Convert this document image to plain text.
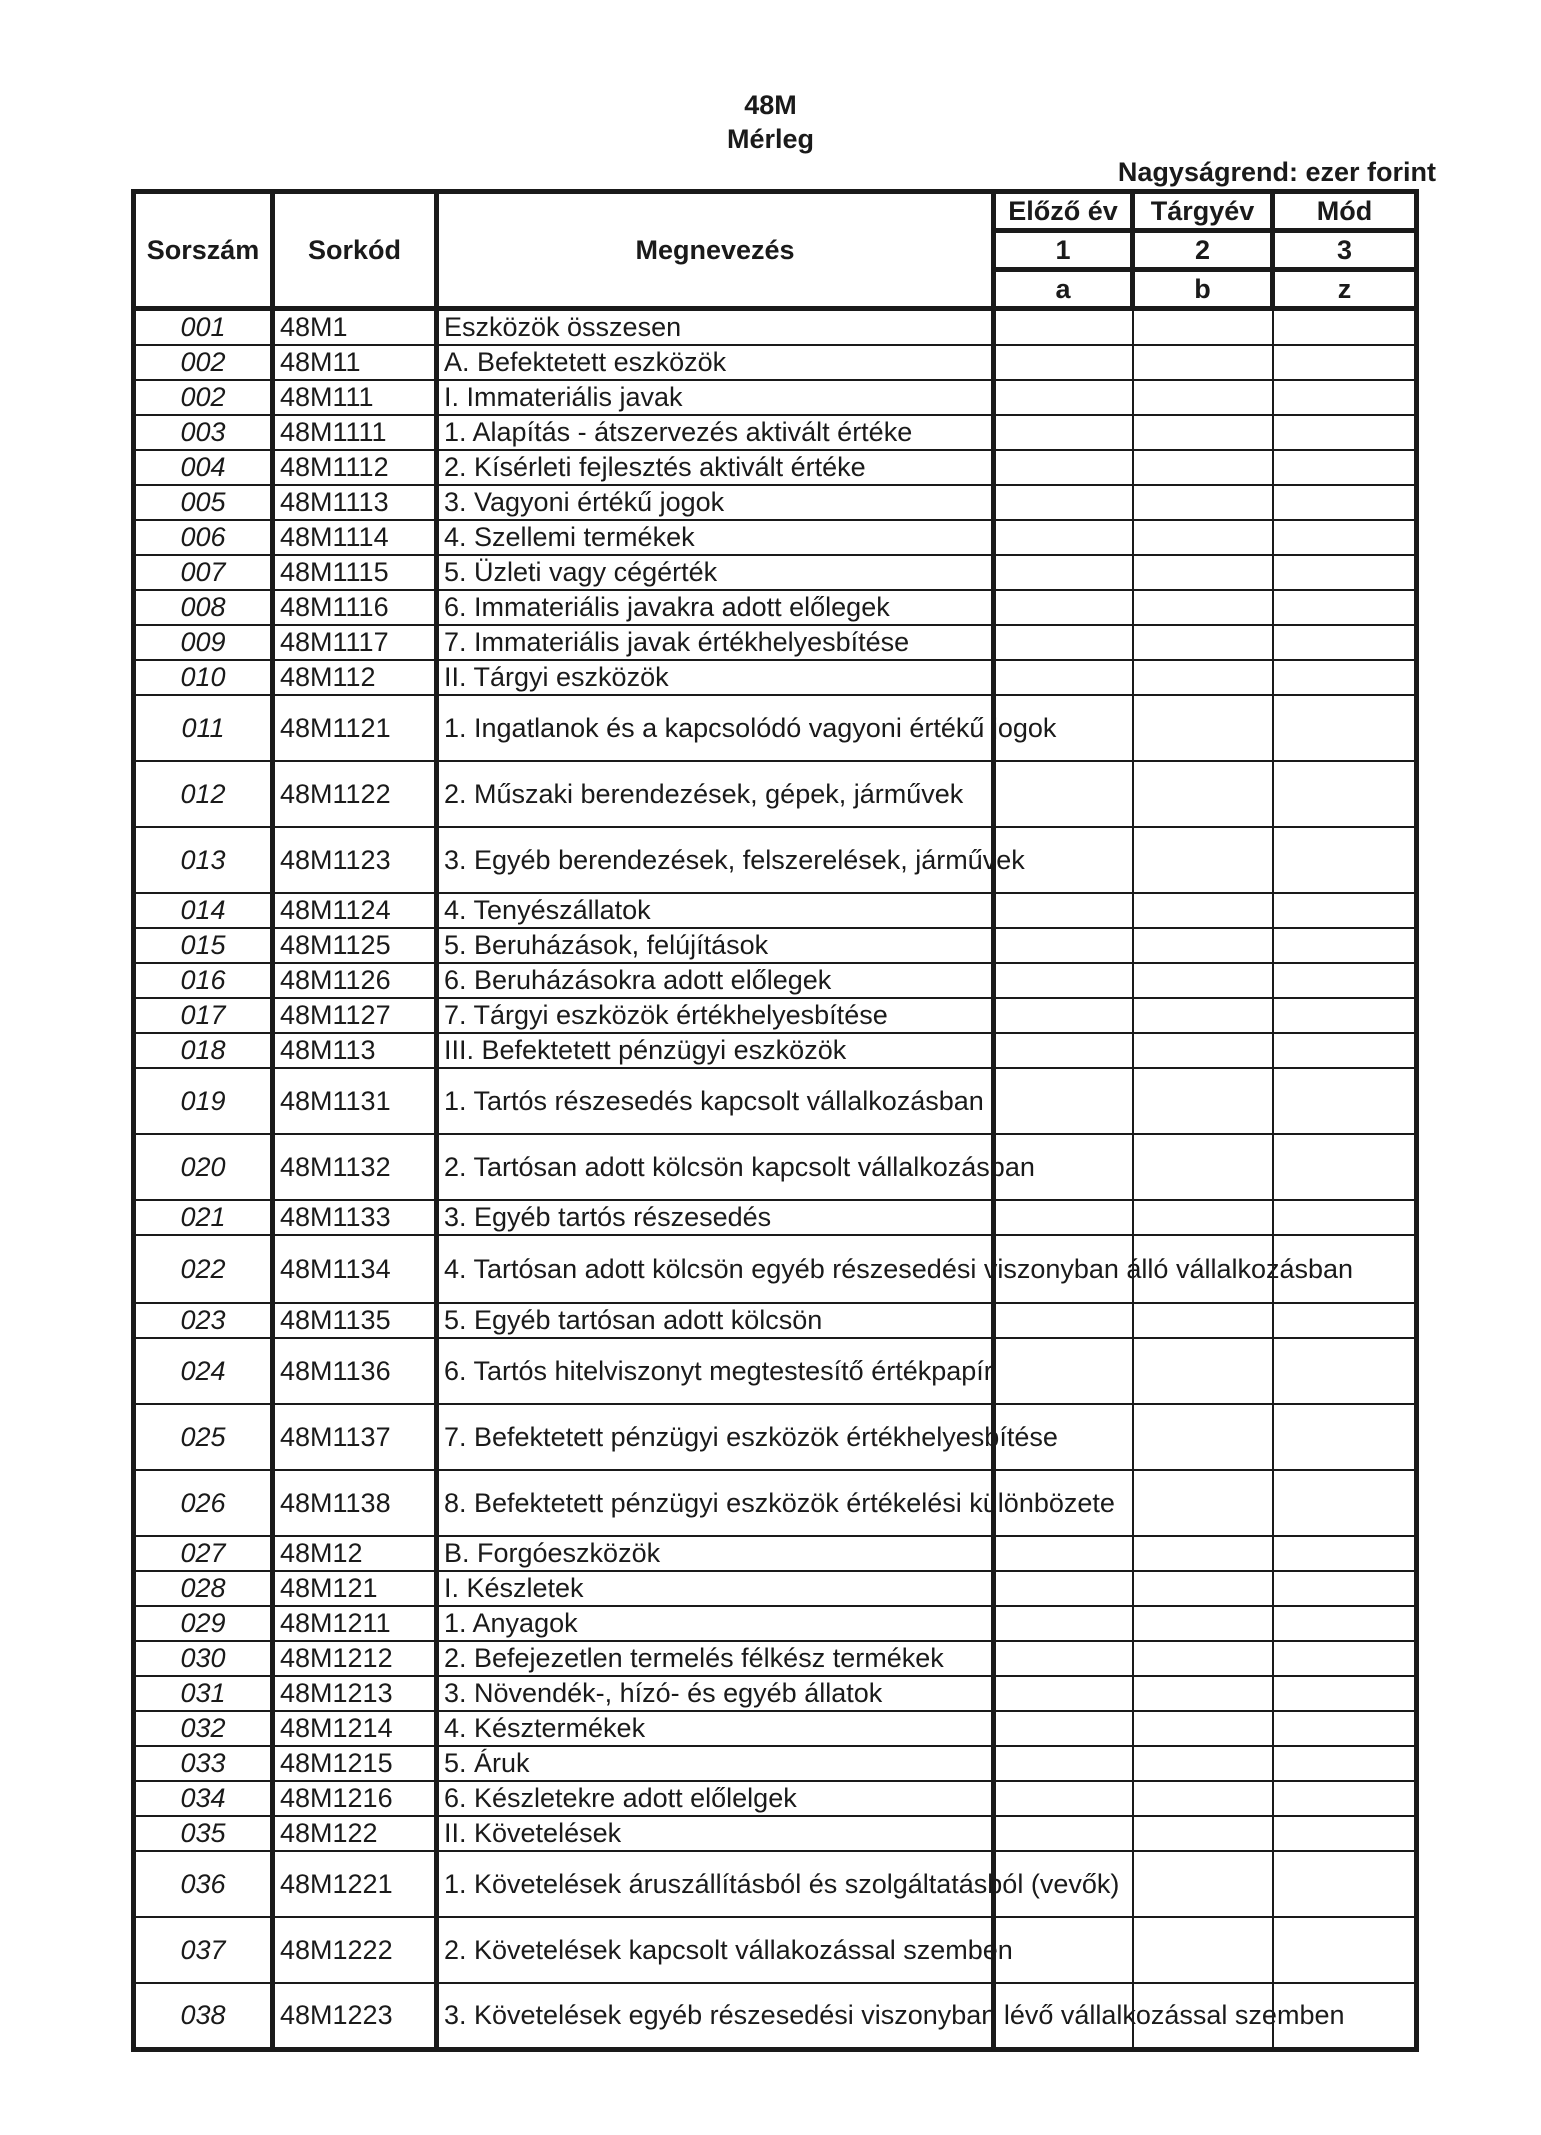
48M
Mérleg
Nagyságrend: ezer forint
Sorszám	Sorkód	Megnevezés	Előző év	Tárgyév	Mód
			1	2	3
			a	b	z
001	48M1	Eszközök összesen			
002	48M11	A. Befektetett eszközök			
002	48M111	I. Immateriális javak			
003	48M1111	1. Alapítás - átszervezés aktivált értéke			
004	48M1112	2. Kísérleti fejlesztés aktivált értéke			
005	48M1113	3. Vagyoni értékű jogok			
006	48M1114	4. Szellemi termékek			
007	48M1115	5. Üzleti vagy cégérték			
008	48M1116	6. Immateriális javakra adott előlegek			
009	48M1117	7. Immateriális javak értékhelyesbítése			
010	48M112	II. Tárgyi eszközök			
011	48M1121	1. Ingatlanok és a kapcsolódó vagyoni értékű jogok			
012	48M1122	2. Műszaki berendezések, gépek, járművek			
013	48M1123	3. Egyéb berendezések, felszerelések, járművek			
014	48M1124	4. Tenyészállatok			
015	48M1125	5. Beruházások, felújítások			
016	48M1126	6. Beruházásokra adott előlegek			
017	48M1127	7. Tárgyi eszközök értékhelyesbítése			
018	48M113	III. Befektetett pénzügyi eszközök			
019	48M1131	1. Tartós részesedés kapcsolt vállalkozásban			
020	48M1132	2. Tartósan adott kölcsön kapcsolt vállalkozásban			
021	48M1133	3. Egyéb tartós részesedés			
022	48M1134	4. Tartósan adott kölcsön egyéb részesedési viszonyban álló vállalkozásban			
023	48M1135	5. Egyéb tartósan adott kölcsön			
024	48M1136	6. Tartós hitelviszonyt megtestesítő értékpapír			
025	48M1137	7. Befektetett pénzügyi eszközök értékhelyesbítése			
026	48M1138	8. Befektetett pénzügyi eszközök értékelési különbözete			
027	48M12	B. Forgóeszközök			
028	48M121	I. Készletek			
029	48M1211	1. Anyagok			
030	48M1212	2. Befejezetlen termelés félkész termékek			
031	48M1213	3. Növendék-, hízó- és egyéb állatok			
032	48M1214	4. Késztermékek			
033	48M1215	5. Áruk			
034	48M1216	6. Készletekre adott előlelgek			
035	48M122	II. Követelések			
036	48M1221	1. Követelések áruszállításból és szolgáltatásból (vevők)			
037	48M1222	2. Követelések kapcsolt vállakozással szemben			
038	48M1223	3. Követelések egyéb részesedési viszonyban lévő vállalkozással szemben			
